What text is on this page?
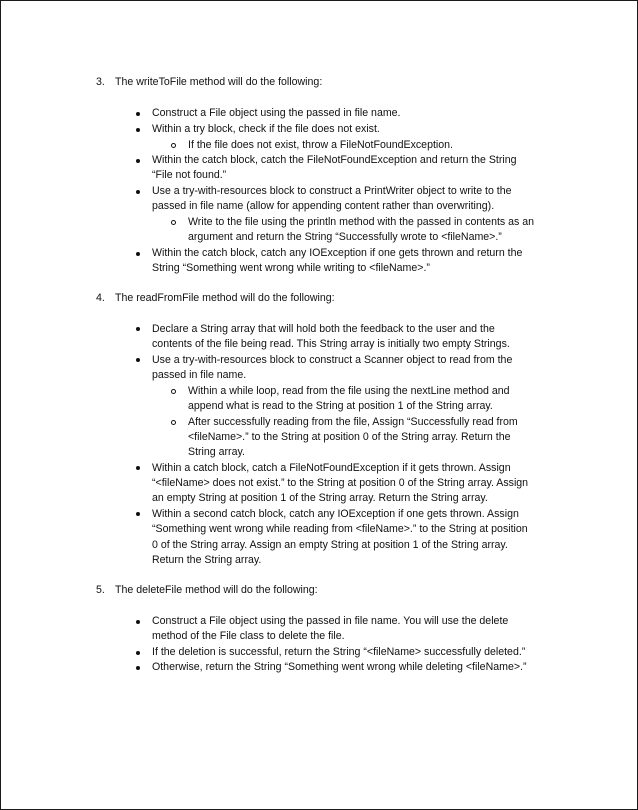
3. The writeToFile method will do the following:
Construct a File object using the passed in file name.
Within a try block, check if the file does not exist.
If the file does not exist, throw a FileNotFoundException.
Within the catch block, catch the FileNotFoundException and return the String
“File not found.”
Use a try-with-resources block to construct a PrintWriter object to write to the
passed in file name (allow for appending content rather than overwriting).
Write to the file using the println method with the passed in contents as an
argument and return the String “Successfully wrote to <fileName>.”
Within the catch block, catch any IOException if one gets thrown and return the
String “Something went wrong while writing to <fileName>.”
4. The readFromFile method will do the following:
Declare a String array that will hold both the feedback to the user and the
contents of the file being read. This String array is initially two empty Strings.
Use a try-with-resources block to construct a Scanner object to read from the
passed in file name.
Within a while loop, read from the file using the nextLine method and
append what is read to the String at position 1 of the String array.
After successfully reading from the file, Assign “Successfully read from
<fileName>.” to the String at position 0 of the String array. Return the
String array.
Within a catch block, catch a FileNotFoundException if it gets thrown. Assign
“<fileName> does not exist.” to the String at position 0 of the String array. Assign
an empty String at position 1 of the String array. Return the String array.
Within a second catch block, catch any IOException if one gets thrown. Assign
“Something went wrong while reading from <fileName>.” to the String at position
0 of the String array. Assign an empty String at position 1 of the String array.
Return the String array.
5. The deleteFile method will do the following:
Construct a File object using the passed in file name. You will use the delete
method of the File class to delete the file.
If the deletion is successful, return the String “<fileName> successfully deleted.”
Otherwise, return the String “Something went wrong while deleting <fileName>.”
